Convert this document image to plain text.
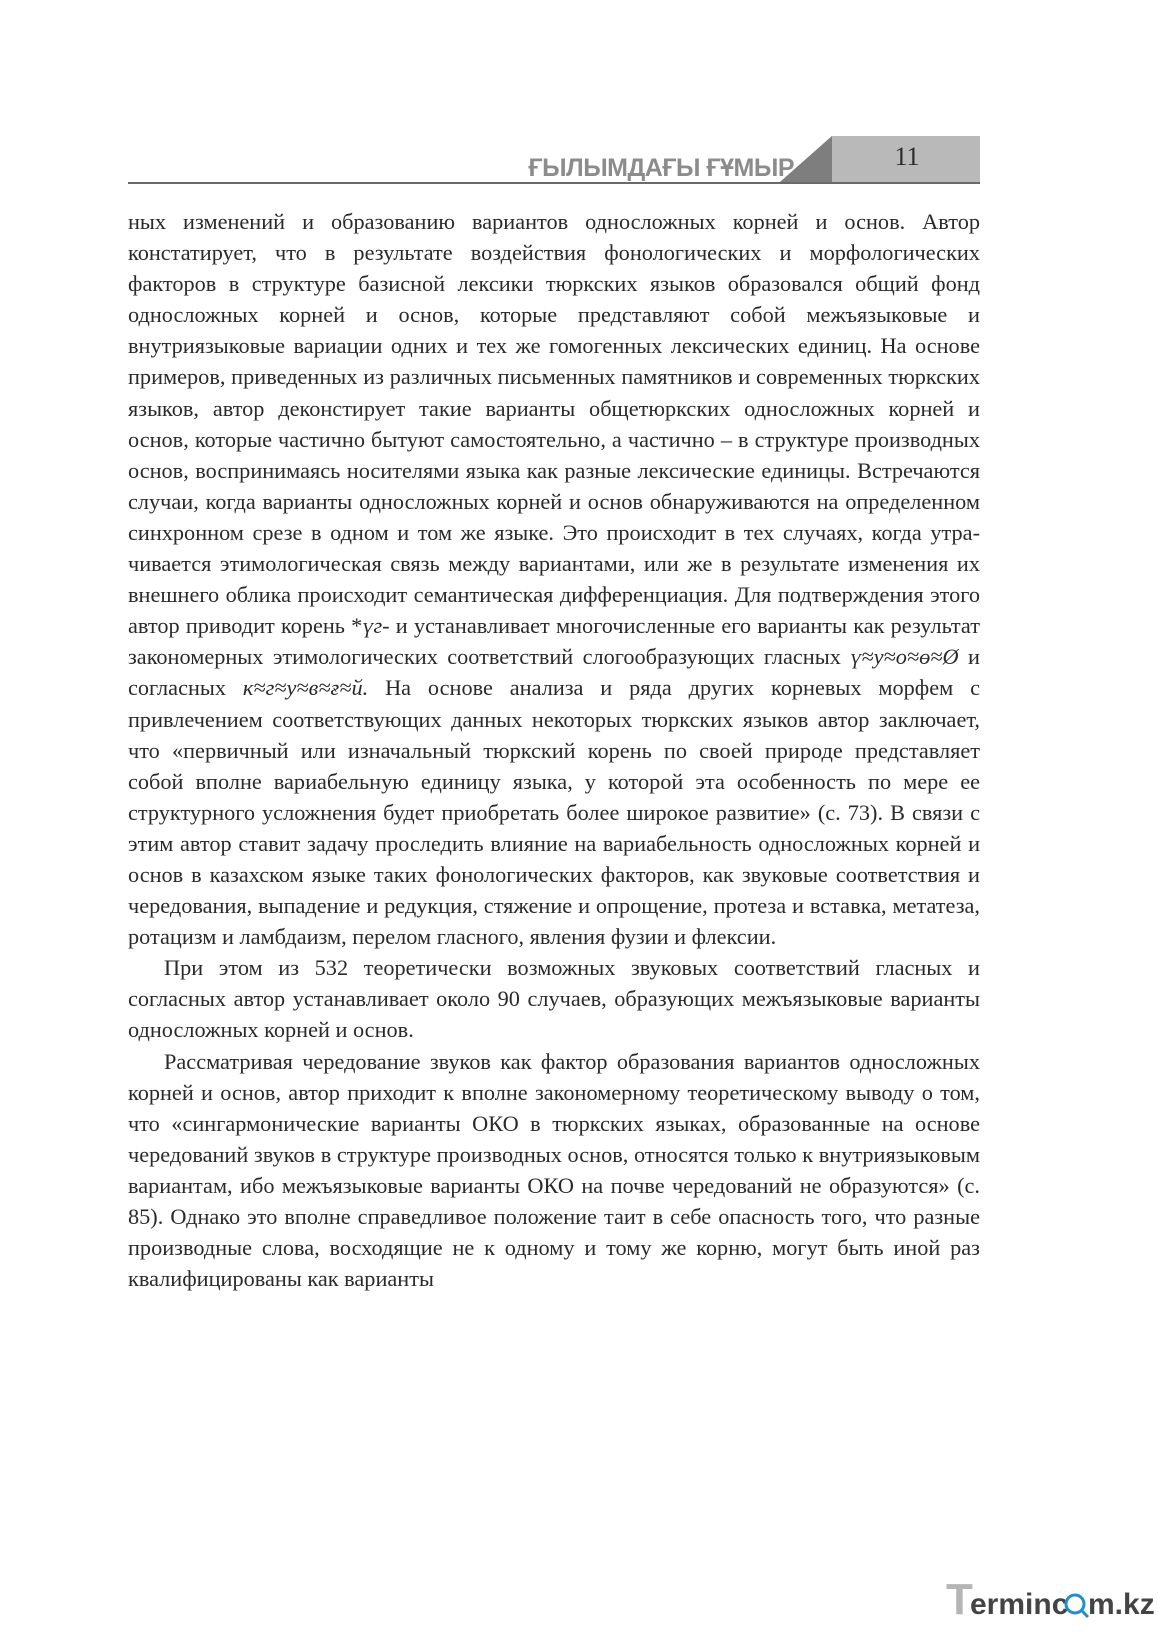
ҒЫЛЫМДАҒЫ ҒҰМЫР	11

ных изменений и образованию вариантов односложных корней и основ. Автор констатирует, что в результате воздействия фонологических и морфологических факторов в структуре базисной лексики тюркских языков образовался общий фонд односложных корней и основ, которые представляют собой межъязыковые и внутриязыковые вариации одних и тех же гомогенных лексических единиц. На основе примеров, приведенных из различных письменных памятников и современных тюркских языков, автор деконстирует такие варианты общетюркских односложных корней и основ, которые частично бытуют самостоятельно, а частично – в структуре производных основ, воспринимаясь носителями языка как разные лексические единицы. Встречаются случаи, когда варианты односложных корней и основ обнаруживаются на определенном синхронном срезе в одном и том же языке. Это происходит в тех случаях, когда утрачивается этимологическая связь между вариантами, или же в результате изменения их внешнего облика происходит семантическая дифференциация. Для подтверждения этого автор приводит корень *үг- и устанавливает многочисленные его варианты как результат закономерных этимологических соответствий слогообразующих гласных ү≈у≈о≈ө≈Ø и согласных к≈г≈у≈в≈ғ≈й. На основе анализа и ряда других корневых морфем с привлечением соответствующих данных некоторых тюркских языков автор заключает, что «первичный или изначальный тюркский корень по своей природе представляет собой вполне вариабельную единицу языка, у которой эта особенность по мере ее структурного усложнения будет приобретать более широкое развитие» (с. 73). В связи с этим автор ставит задачу проследить влияние на вариабельность односложных корней и основ в казахском языке таких фонологических факторов, как звуковые соответствия и чередования, выпадение и редукция, стяжение и опрощение, протеза и вставка, метатеза, ротацизм и ламбдаизм, перелом гласного, явления фузии и флексии.

При этом из 532 теоретически возможных звуковых соответствий гласных и согласных автор устанавливает около 90 случаев, образующих межъязыковые варианты односложных корней и основ.

Рассматривая чередование звуков как фактор образования вариантов односложных корней и основ, автор приходит к вполне закономерному теоретическому выводу о том, что «сингармонические варианты ОКО в тюркских языках, образованные на основе чередований звуков в структуре производных основ, относятся только к внутриязыковым вариантам, ибо межъязыковые варианты ОКО на почве чередований не образуются» (с. 85). Однако это вполне справедливое положение таит в себе опасность того, что разные производные слова, восходящие не к одному и тому же корню, могут быть иной раз квалифицированы как варианты

T
erminc m.kz
